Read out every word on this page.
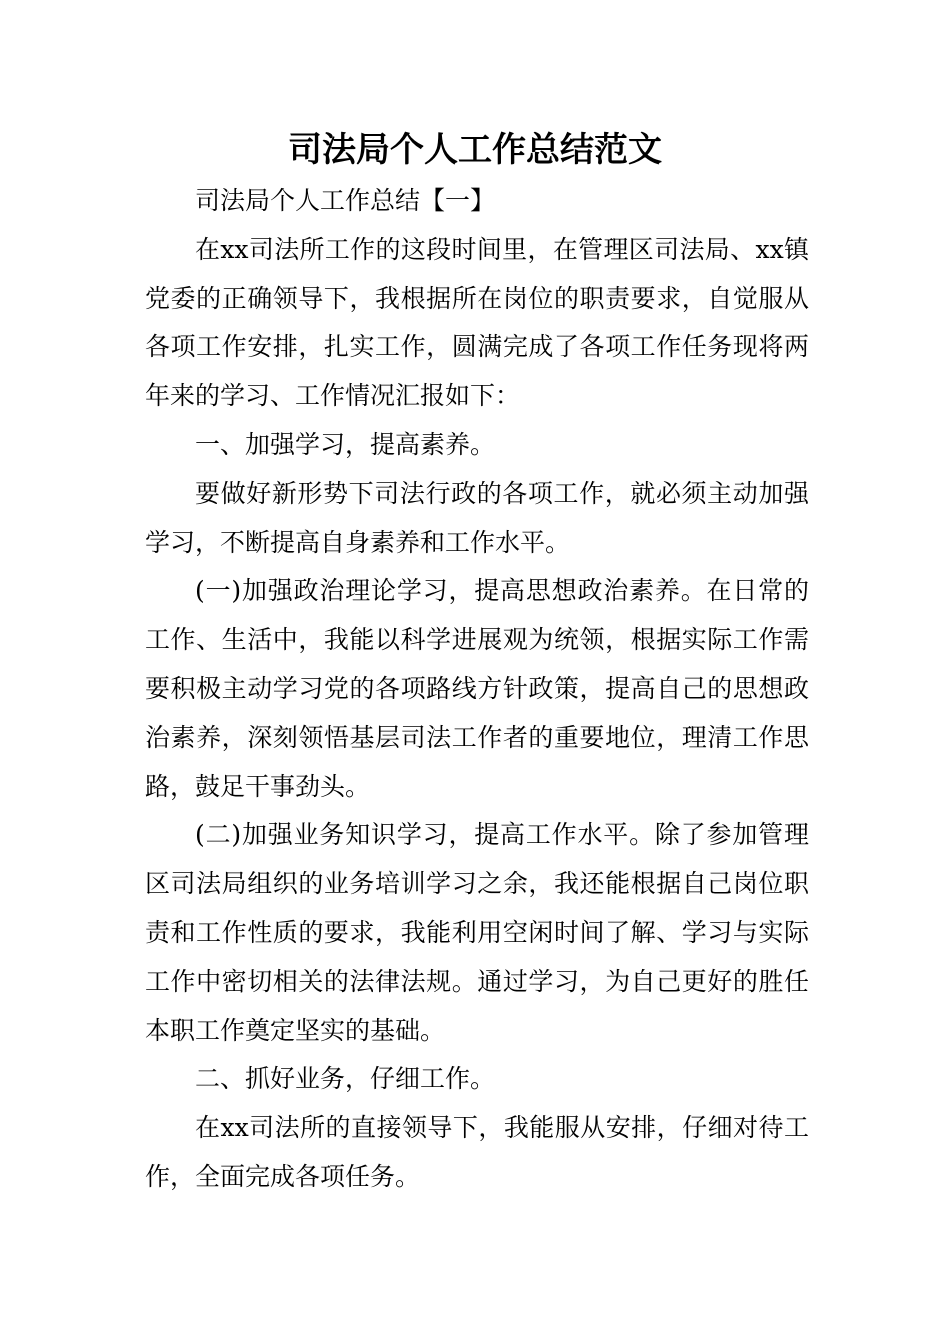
司法局个人工作总结范文

司法局个人工作总结【一】

在xx司法所工作的这段时间里，在管理区司法局、xx镇党委的正确领导下，我根据所在岗位的职责要求，自觉服从各项工作安排，扎实工作，圆满完成了各项工作任务现将两年来的学习、工作情况汇报如下：

一、加强学习，提高素养。

要做好新形势下司法行政的各项工作，就必须主动加强学习，不断提高自身素养和工作水平。

(一)加强政治理论学习，提高思想政治素养。在日常的工作、生活中，我能以科学进展观为统领，根据实际工作需要积极主动学习党的各项路线方针政策，提高自己的思想政治素养，深刻领悟基层司法工作者的重要地位，理清工作思路，鼓足干事劲头。

(二)加强业务知识学习，提高工作水平。除了参加管理区司法局组织的业务培训学习之余，我还能根据自己岗位职责和工作性质的要求，我能利用空闲时间了解、学习与实际工作中密切相关的法律法规。通过学习，为自己更好的胜任本职工作奠定坚实的基础。

二、抓好业务，仔细工作。

在xx司法所的直接领导下，我能服从安排，仔细对待工作，全面完成各项任务。
